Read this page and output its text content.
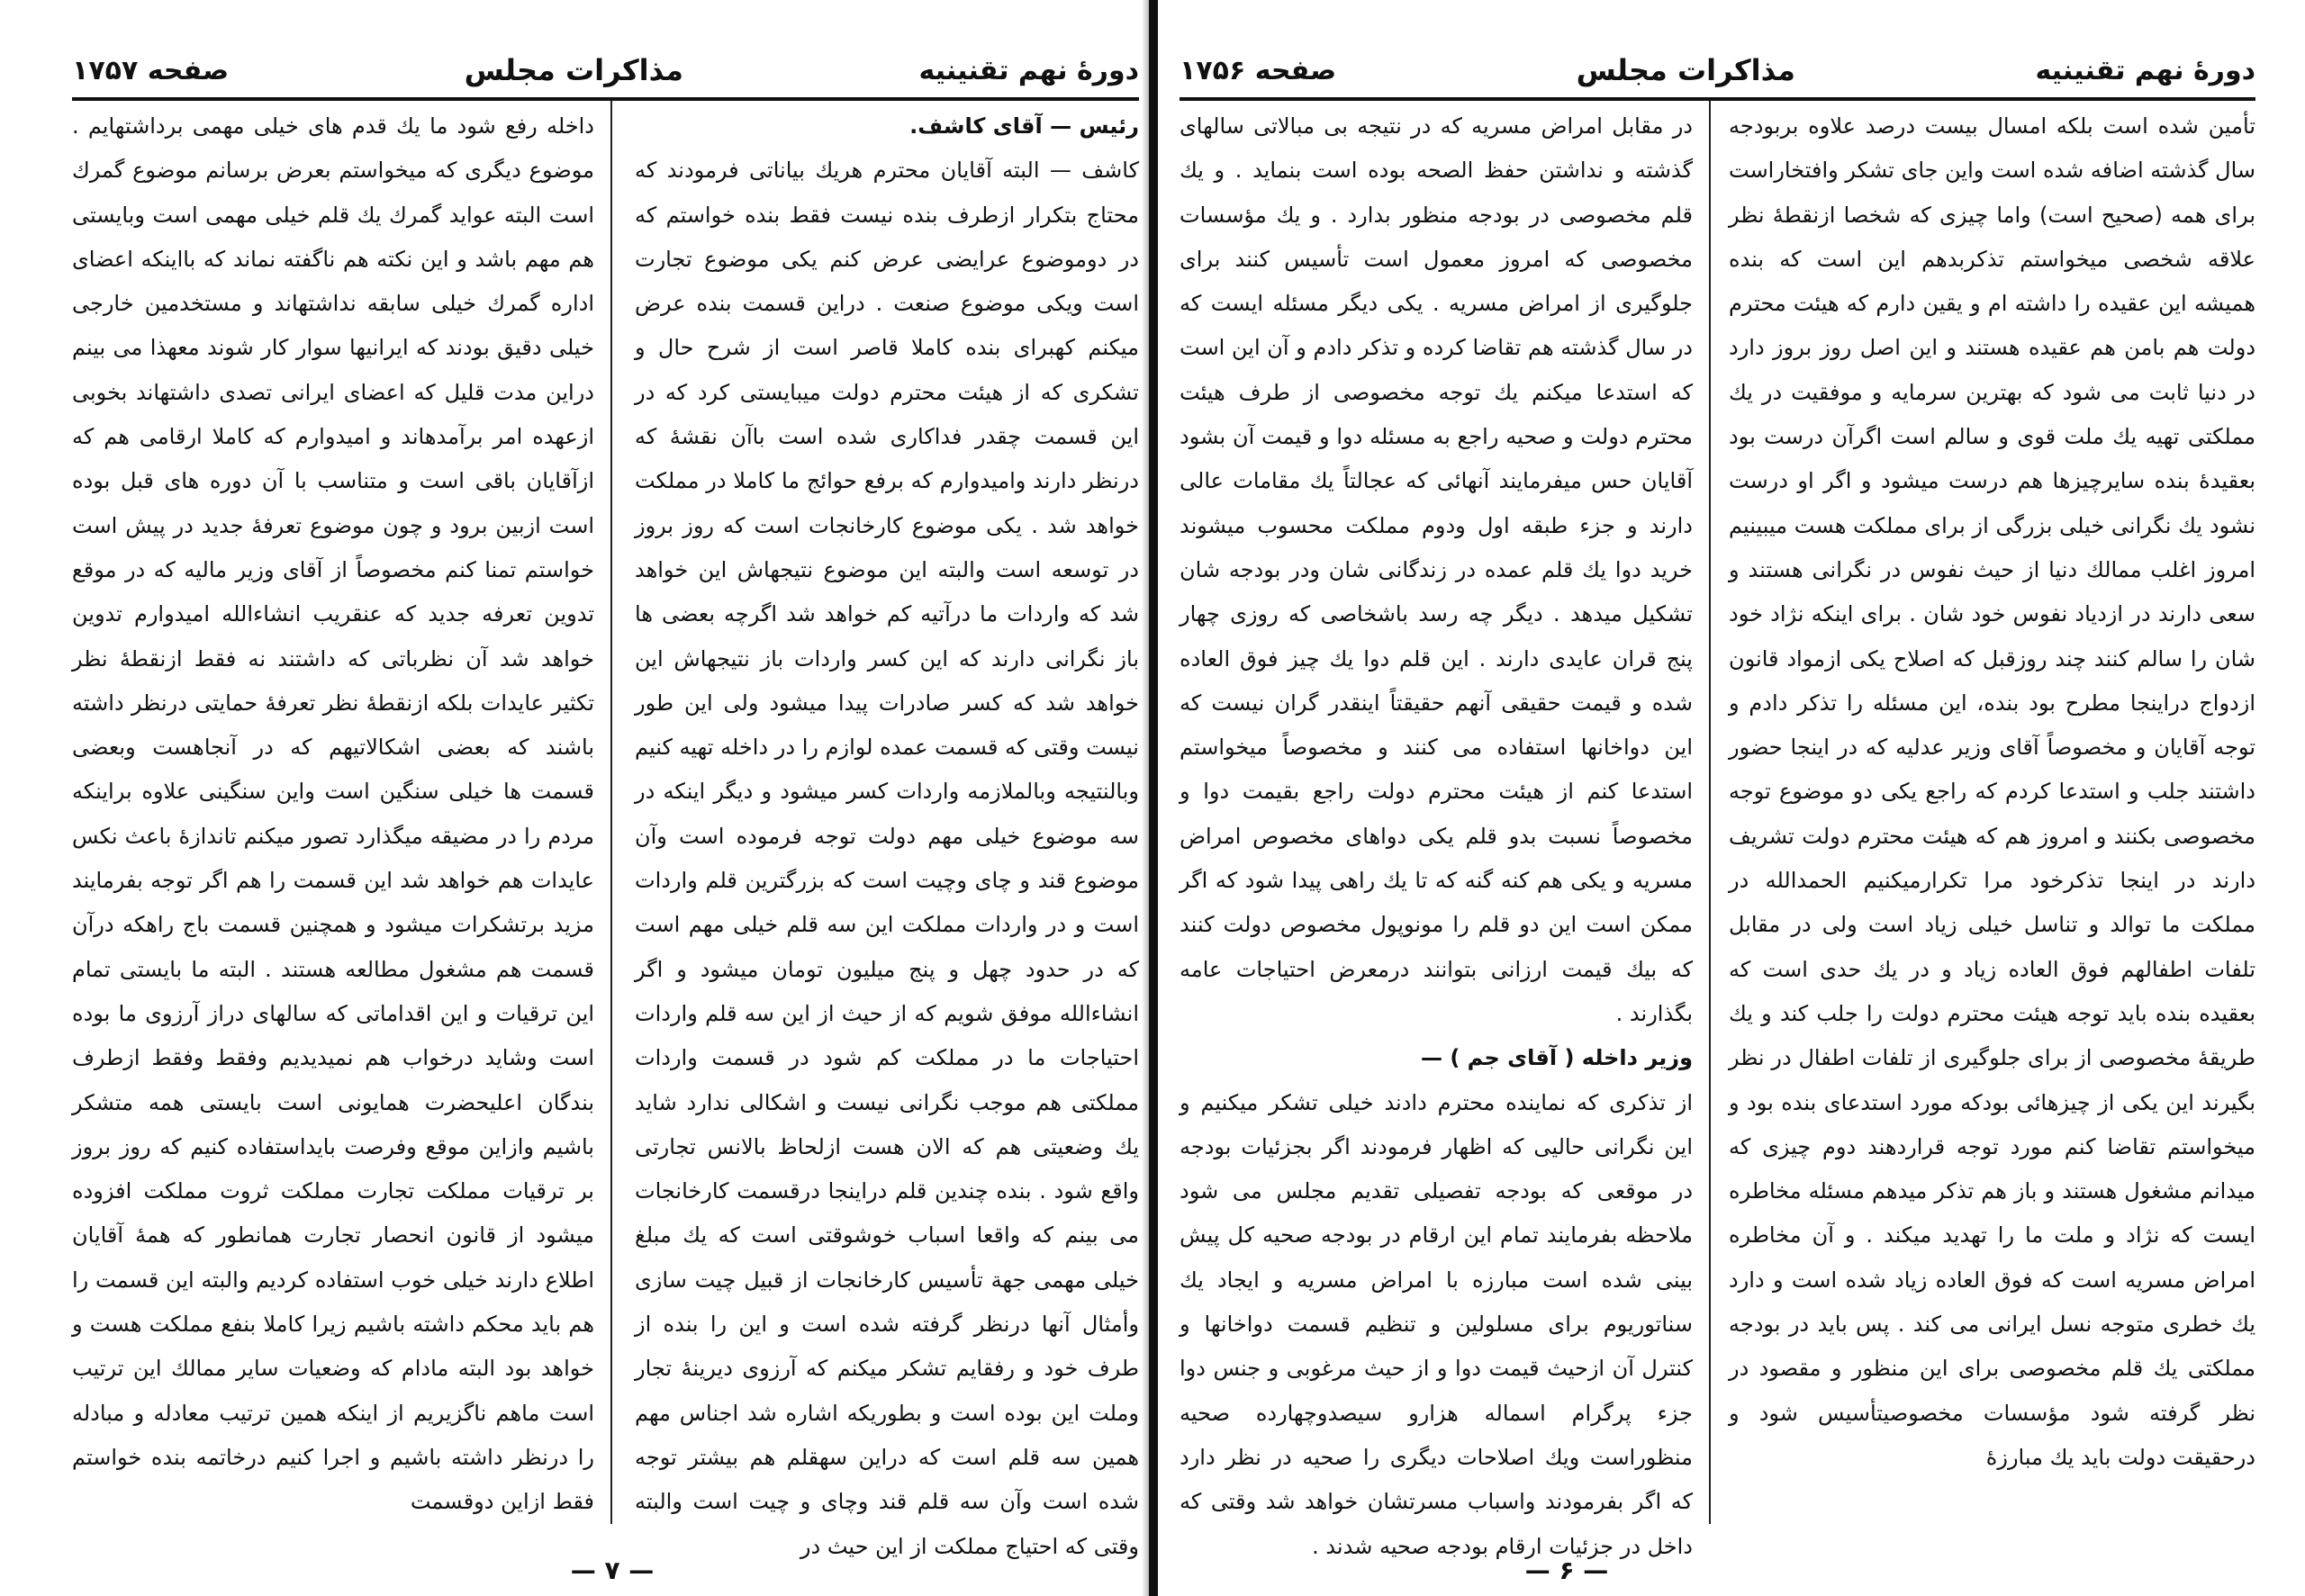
دورهٔ نهم تقنینیه
مذاکرات مجلس
صفحه ۱۷۵۷

رئیس — آقای کاشف.

کاشف — البته آقایان محترم هریك بیاناتی فرمودند که محتاج بتکرار ازطرف بنده نیست فقط بنده خواستم که در دوموضوع عرایضی عرض کنم یکی موضوع تجارت است ویکی موضوع صنعت . دراین قسمت بنده عرض میکنم کهبرای بنده کاملا قاصر است از شرح حال و تشکری که از هیئت محترم دولت میبایستی کرد که در این قسمت چقدر فداکاری شده است باآن نقشهٔ که درنظر دارند وامیدوارم که برفع حوائج ما کاملا در مملکت خواهد شد . یکی موضوع کارخانجات است که روز بروز در توسعه است والبته این موضوع نتیجهاش این خواهد شد که واردات ما درآتیه کم خواهد شد اگرچه بعضی ها باز نگرانی دارند که این کسر واردات باز نتیجهاش این خواهد شد که کسر صادرات پیدا میشود ولی این طور نیست وقتی که قسمت عمده لوازم را در داخله تهیه کنیم وبالنتیجه وبالملازمه واردات کسر میشود و دیگر اینکه در سه موضوع خیلی مهم دولت توجه فرموده است وآن موضوع قند و چای وچیت است که بزرگترین قلم واردات است و در واردات مملکت این سه قلم خیلی مهم است که در حدود چهل و پنج میلیون تومان میشود و اگر انشاءالله موفق شویم که از حیث از این سه قلم واردات احتیاجات ما در مملکت کم شود در قسمت واردات مملکتی هم موجب نگرانی نیست و اشکالی ندارد شاید یك وضعیتی هم که الان هست ازلحاظ بالانس تجارتی واقع شود . بنده چندین قلم دراینجا درقسمت کارخانجات می بینم که واقعا اسباب خوشوقتی است که یك مبلغ خیلی مهمی جهة تأسیس کارخانجات از قبیل چیت سازی وأمثال آنها درنظر گرفته شده است و این را بنده از طرف خود و رفقایم تشکر میکنم که آرزوی دیرینهٔ تجار وملت این بوده است و بطوریکه اشاره شد اجناس مهم همین سه قلم است که دراین سهقلم هم بیشتر توجه شده است وآن سه قلم قند وچای و چیت است والبته وقتی که احتیاج مملکت از این حیث در

داخله رفع شود ما یك قدم های خیلی مهمی برداشتهایم . موضوع دیگری که میخواستم بعرض برسانم موضوع گمرك است البته عواید گمرك یك قلم خیلی مهمی است وبایستی هم مهم باشد و این نکته هم ناگفته نماند که بااینکه اعضای اداره گمرك خیلی سابقه نداشتهاند و مستخدمین خارجی خیلی دقیق بودند که ایرانیها سوار کار شوند معهذا می بینم دراین مدت قلیل که اعضای ایرانی تصدی داشتهاند بخوبی ازعهده امر برآمدهاند و امیدوارم که کاملا ارقامی هم که ازآقایان باقی است و متناسب با آن دوره های قبل بوده است ازبین برود و چون موضوع تعرفهٔ جدید در پیش است خواستم تمنا کنم مخصوصاً از آقای وزیر مالیه که در موقع تدوین تعرفه جدید که عنقریب انشاءالله امیدوارم تدوین خواهد شد آن نظرباتی که داشتند نه فقط ازنقطهٔ نظر تکثیر عایدات بلکه ازنقطهٔ نظر تعرفهٔ حمایتی درنظر داشته باشند که بعضی اشکالاتیهم که در آنجاهست وبعضی قسمت ها خیلی سنگین است واین سنگینی علاوه براینکه مردم را در مضیقه میگذارد تصور میکنم تاندازهٔ باعث نکس عایدات هم خواهد شد این قسمت را هم اگر توجه بفرمایند مزید برتشکرات میشود و همچنین قسمت باج راهکه درآن قسمت هم مشغول مطالعه هستند . البته ما بایستی تمام این ترقیات و این اقداماتی که سالهای دراز آرزوی ما بوده است وشاید درخواب هم نمیدیدیم وفقط وفقط ازطرف بندگان اعلیحضرت همایونی است بایستی همه متشکر باشیم وازاین موقع وفرصت بایداستفاده کنیم که روز بروز بر ترقیات مملکت تجارت مملکت ثروت مملکت افزوده میشود از قانون انحصار تجارت همانطور که همهٔ آقایان اطلاع دارند خیلی خوب استفاده کردیم والبته این قسمت را هم باید محکم داشته باشیم زیرا کاملا بنفع مملکت هست و خواهد بود البته مادام که وضعیات سایر ممالك این ترتیب است ماهم ناگزیریم از اینکه همین ترتیب معادله و مبادله را درنظر داشته باشیم و اجرا کنیم درخاتمه بنده خواستم فقط ازاین دوقسمت

— ۷ —
دورهٔ نهم تقنینیه
مذاکرات مجلس
صفحه ۱۷۵۶

تأمین شده است بلکه امسال بیست درصد علاوه بربودجه سال گذشته اضافه شده است واین جای تشکر وافتخاراست برای همه (صحیح است) واما چیزی که شخصا ازنقطهٔ نظر علاقه شخصی میخواستم تذکربدهم این است که بنده همیشه این عقیده را داشته ام و یقین دارم که هیئت محترم دولت هم بامن هم عقیده هستند و این اصل روز بروز دارد در دنیا ثابت می شود که بهترین سرمایه و موفقیت در یك مملکتی تهیه یك ملت قوی و سالم است اگرآن درست بود بعقیدهٔ بنده سایرچیزها هم درست میشود و اگر او درست نشود یك نگرانی خیلی بزرگی از برای مملکت هست میبینیم امروز اغلب ممالك دنیا از حیث نفوس در نگرانی هستند و سعی دارند در ازدیاد نفوس خود شان . برای اینکه نژاد خود شان را سالم کنند چند روزقبل که اصلاح یکی ازمواد قانون ازدواج دراینجا مطرح بود بنده، این مسئله را تذکر دادم و توجه آقایان و مخصوصاً آقای وزیر عدلیه که در اینجا حضور داشتند جلب و استدعا کردم که راجع یکی دو موضوع توجه مخصوصی بکنند و امروز هم که هیئت محترم دولت تشریف دارند در اینجا تذکرخود مرا تکرارمیکنیم الحمدالله در مملکت ما توالد و تناسل خیلی زیاد است ولی در مقابل تلفات اطفالهم فوق العاده زیاد و در یك حدی است که بعقیده بنده باید توجه هیئت محترم دولت را جلب کند و یك طریقهٔ مخصوصی از برای جلوگیری از تلفات اطفال در نظر بگیرند این یکی از چیزهائی بودکه مورد استدعای بنده بود و میخواستم تقاضا کنم مورد توجه قراردهند دوم چیزی که میدانم مشغول هستند و باز هم تذکر میدهم مسئله مخاطره ایست که نژاد و ملت ما را تهدید میکند . و آن مخاطره امراض مسریه است که فوق العاده زیاد شده است و دارد یك خطری متوجه نسل ایرانی می کند . پس باید در بودجه مملکتی یك قلم مخصوصی برای این منظور و مقصود در نظر گرفته شود مؤسسات مخصوصیتأسیس شود و درحقیقت دولت باید یك مبارزهٔ

در مقابل امراض مسریه که در نتیجه بی مبالاتی سالهای گذشته و نداشتن حفظ الصحه بوده است بنماید . و یك قلم مخصوصی در بودجه منظور بدارد . و یك مؤسسات مخصوصی که امروز معمول است تأسیس کنند برای جلوگیری از امراض مسریه . یکی دیگر مسئله ایست که در سال گذشته هم تقاضا کرده و تذکر دادم و آن این است که استدعا میکنم یك توجه مخصوصی از طرف هیئت محترم دولت و صحیه راجع به مسئله دوا و قیمت آن بشود آقایان حس میفرمایند آنهائی که عجالتاً یك مقامات عالی دارند و جزء طبقه اول ودوم مملکت محسوب میشوند خرید دوا یك قلم عمده در زندگانی شان ودر بودجه شان تشکیل میدهد . دیگر چه رسد باشخاصی که روزی چهار پنج قران عایدی دارند . این قلم دوا یك چیز فوق العاده شده و قیمت حقیقی آنهم حقیقتاً اینقدر گران نیست که این دواخانها استفاده می کنند و مخصوصاً میخواستم استدعا کنم از هیئت محترم دولت راجع بقیمت دوا و مخصوصاً نسبت بدو قلم یکی دواهای مخصوص امراض مسریه و یکی هم کنه گنه که تا یك راهی پیدا شود که اگر ممکن است این دو قلم را مونوپول مخصوص دولت کنند که بیك قیمت ارزانی بتوانند درمعرض احتیاجات عامه بگذارند .

وزیر داخله ( آقای جم ) —

از تذکری که نماینده محترم دادند خیلی تشکر میکنیم و این نگرانی حالیی که اظهار فرمودند اگر بجزئیات بودجه در موقعی که بودجه تفصیلی تقدیم مجلس می شود ملاحظه بفرمایند تمام این ارقام در بودجه صحیه کل پیش بینی شده است مبارزه با امراض مسریه و ایجاد یك سناتوریوم برای مسلولین و تنظیم قسمت دواخانها و کنترل آن ازحیث قیمت دوا و از حیث مرغوبی و جنس دوا جزء پرگرام اسماله هزارو سیصدوچهارده صحیه منظوراست ویك اصلاحات دیگری را صحیه در نظر دارد که اگر بفرمودند واسباب مسرتشان خواهد شد وقتی که داخل در جزئیات ارقام بودجه صحیه شدند .

— ۶ —
